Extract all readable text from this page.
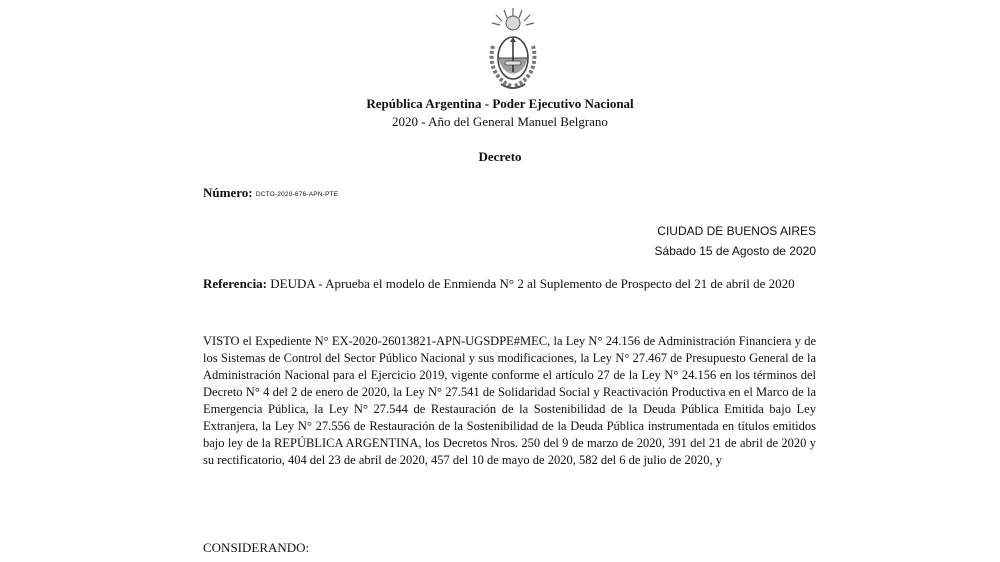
República Argentina - Poder Ejecutivo Nacional
2020 - Año del General Manuel Belgrano
Decreto
Número: DCTO-2020-676-APN-PTE
CIUDAD DE BUENOS AIRES
Sábado 15 de Agosto de 2020
Referencia: DEUDA - Aprueba el modelo de Enmienda N° 2 al Suplemento de Prospecto del 21 de abril de 2020

VISTO el Expediente N° EX-2020-26013821-APN-UGSDPE#MEC, la Ley N° 24.156 de Administración Financiera y de los Sistemas de Control del Sector Público Nacional y sus modificaciones, la Ley N° 27.467 de Presupuesto General de la Administración Nacional para el Ejercicio 2019, vigente conforme el artículo 27 de la Ley N° 24.156 en los términos del Decreto N° 4 del 2 de enero de 2020, la Ley N° 27.541 de Solidaridad Social y Reactivación Productiva en el Marco de la Emergencia Pública, la Ley N° 27.544 de Restauración de la Sostenibilidad de la Deuda Pública Emitida bajo Ley Extranjera, la Ley N° 27.556 de Restauración de la Sostenibilidad de la Deuda Pública instrumentada en títulos emitidos bajo ley de la REPÚBLICA ARGENTINA, los Decretos Nros. 250 del 9 de marzo de 2020, 391 del 21 de abril de 2020 y su rectificatorio, 404 del 23 de abril de 2020, 457 del 10 de mayo de 2020, 582 del 6 de julio de 2020, y

CONSIDERANDO:
